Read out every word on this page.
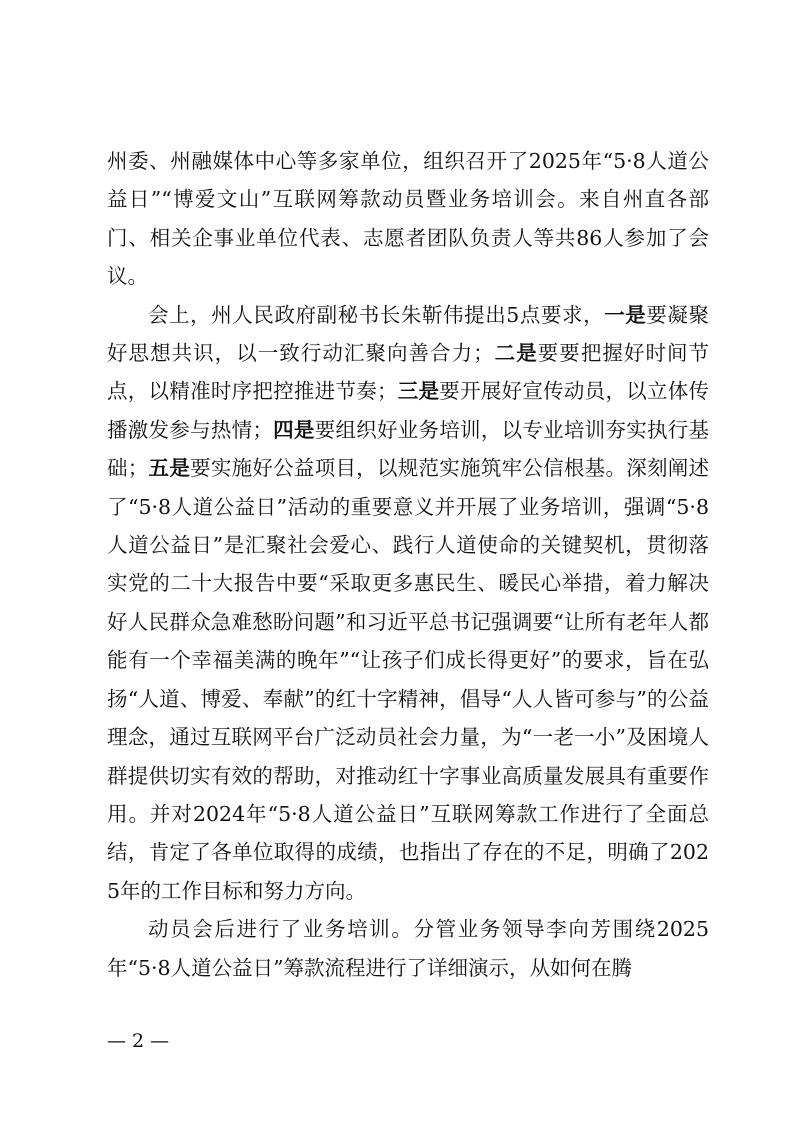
州委、州融媒体中心等多家单位，组织召开了2025年“5·8人道公益日”“博爱文山”互联网筹款动员暨业务培训会。来自州直各部门、相关企事业单位代表、志愿者团队负责人等共86人参加了会议。

会上，州人民政府副秘书长朱靳伟提出5点要求，一是要凝聚好思想共识，以一致行动汇聚向善合力；二是要要把握好时间节点，以精准时序把控推进节奏；三是要开展好宣传动员，以立体传播激发参与热情；四是要组织好业务培训，以专业培训夯实执行基础；五是要实施好公益项目，以规范实施筑牢公信根基。深刻阐述了“5·8人道公益日”活动的重要意义并开展了业务培训，强调“5·8人道公益日”是汇聚社会爱心、践行人道使命的关键契机，贯彻落实党的二十大报告中要“采取更多惠民生、暖民心举措，着力解决好人民群众急难愁盼问题”和习近平总书记强调要“让所有老年人都能有一个幸福美满的晚年”“让孩子们成长得更好”的要求，旨在弘扬“人道、博爱、奉献”的红十字精神，倡导“人人皆可参与”的公益理念，通过互联网平台广泛动员社会力量，为“一老一小”及困境人群提供切实有效的帮助，对推动红十字事业高质量发展具有重要作用。并对2024年“5·8人道公益日”互联网筹款工作进行了全面总结，肯定了各单位取得的成绩，也指出了存在的不足，明确了2025年的工作目标和努力方向。

动员会后进行了业务培训。分管业务领导李向芳围绕2025年“5·8人道公益日”筹款流程进行了详细演示，从如何在腾

— 2 —
